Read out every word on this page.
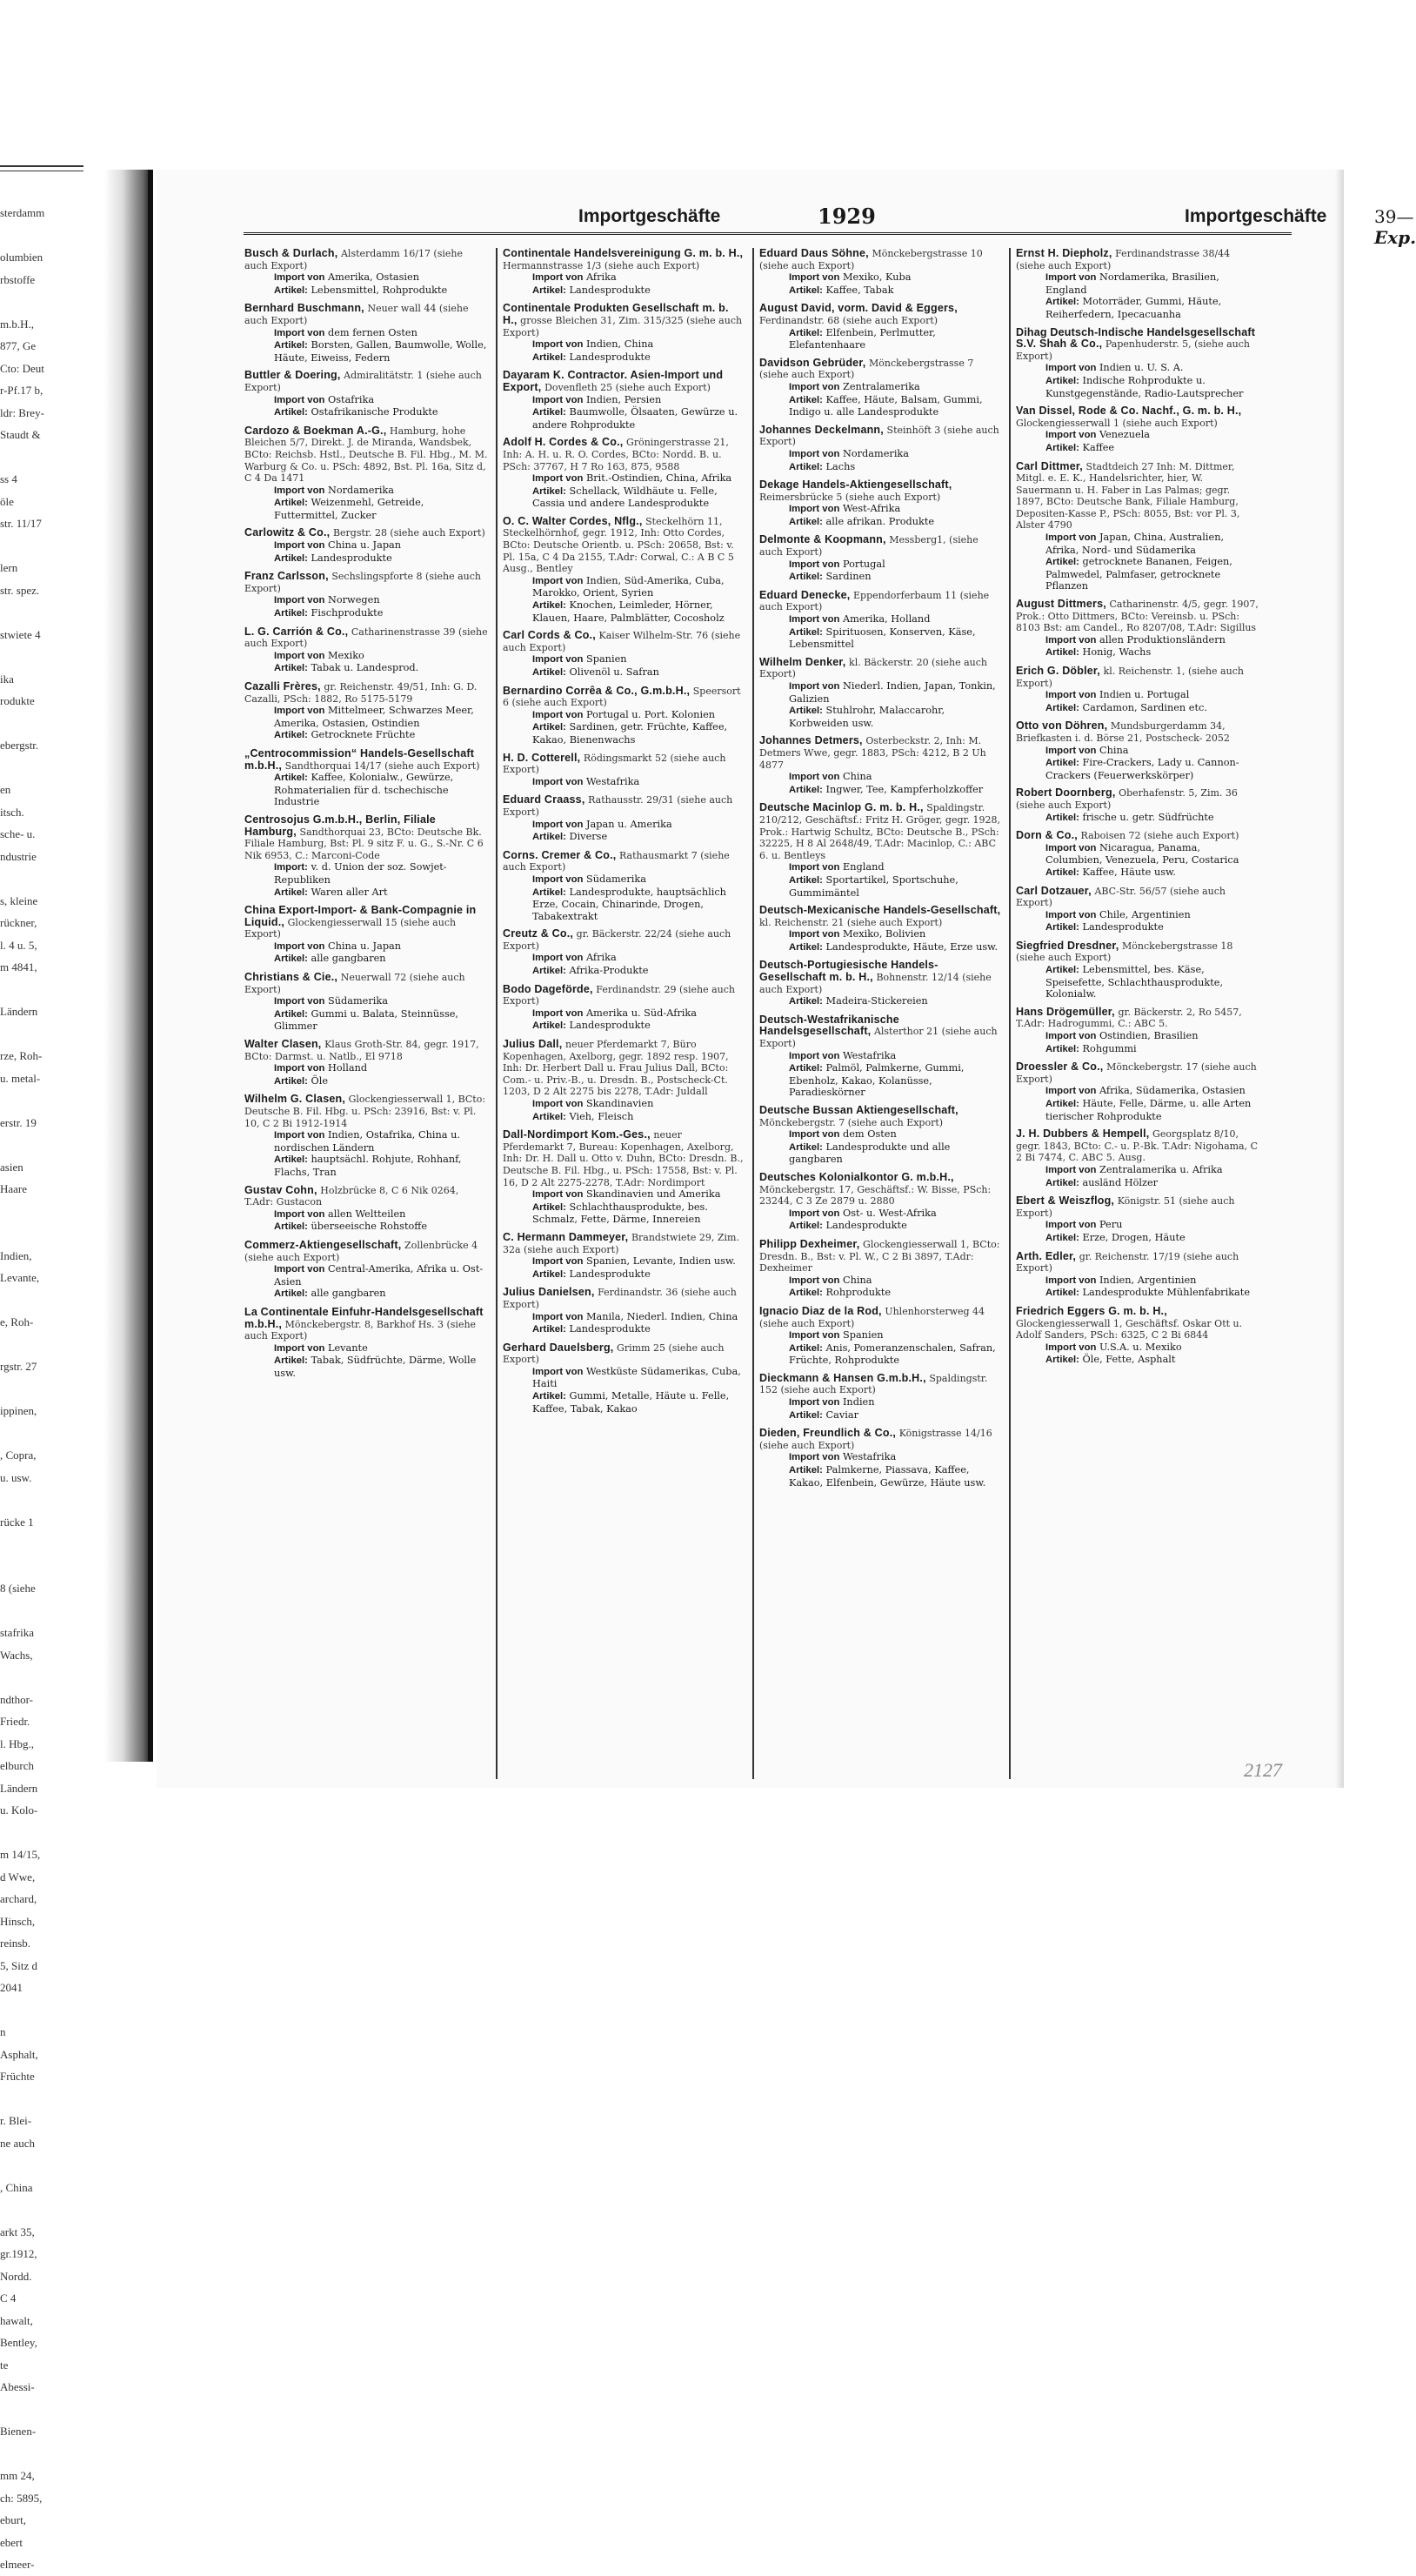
sterdamm
olumbien
rbstoffe
m.b.H.,
877, Ge
Cto: Deut
r-Pf.17 b,
ldr: Brey-
Staudt &
ss 4
öle
str. 11/17
lern
str. spez.
stwiete 4
ika
rodukte
ebergstr.
en
itsch.
sche- u.
ndustrie
s, kleine
rückner,
l. 4 u. 5,
m 4841,
Ländern
rze, Roh-
u. metal-
erstr. 19
asien
Haare
Indien,
Levante,
e, Roh-
rgstr. 27
ippinen,
, Copra,
u. usw.
rücke 1
8 (siehe
stafrika
Wachs,
ndthor-
Friedr.
l. Hbg.,
elburch
Ländern
u. Kolo-
m 14/15,
d Wwe,
archard,
Hinsch,
reinsb.
5, Sitz d
2041
n
Asphalt,
Früchte
r. Blei-
ne auch
, China
arkt 35,
gr.1912,
Nordd.
C 4
hawalt,
Bentley,
te
Abessi-
Bienen-
mm 24,
ch: 5895,
eburt,
ebert
elmeer-
Importgeschäfte	1929	Importgeschäfte	39—Exp.
Busch & Durlach, Alsterdamm 16/17 (siehe auch Export)
Import von Amerika, Ostasien
Artikel: Lebensmittel, Rohprodukte
Bernhard Buschmann, Neuer wall 44 (siehe auch Export)
Import von dem fernen Osten
Artikel: Borsten, Gallen, Baumwolle, Wolle, Häute, Eiweiss, Federn
Buttler & Doering, Admiralitätstr. 1 (siehe auch Export)
Import von Ostafrika
Artikel: Ostafrikanische Produkte
Cardozo & Boekman A.-G., Hamburg, hohe Bleichen 5/7, Direkt. J. de Miranda, Wandsbek, BCto: Reichsb. Hstl., Deutsche B. Fil. Hbg., M. M. Warburg & Co. u. PSch: 4892, Bst. Pl. 16a, Sitz d, C 4 Da 1471
Import von Nordamerika
Artikel: Weizenmehl, Getreide, Futtermittel, Zucker
Carlowitz & Co., Bergstr. 28 (siehe auch Export)
Import von China u. Japan
Artikel: Landesprodukte
Franz Carlsson, Sechslingspforte 8 (siehe auch Export)
Import von Norwegen
Artikel: Fischprodukte
L. G. Carrión & Co., Catharinenstrasse 39 (siehe auch Export)
Import von Mexiko
Artikel: Tabak u. Landesprod.
Cazalli Frères, gr. Reichenstr. 49/51, Inh: G. D. Cazalli, PSch: 1882, Ro 5175-5179
Import von Mittelmeer, Schwarzes Meer, Amerika, Ostasien, Ostindien
Artikel: Getrocknete Früchte
„Centrocommission“ Handels-Gesellschaft m.b.H., Sandthorquai 14/17 (siehe auch Export)
Artikel: Kaffee, Kolonialw., Gewürze, Rohmaterialien für d. tschechische Industrie
Centrosojus G.m.b.H., Berlin, Filiale Hamburg, Sandthorquai 23, BCto: Deutsche Bk. Filiale Hamburg, Bst: Pl. 9 sitz F. u. G., S.-Nr. C 6 Nik 6953, C.: Marconi-Code
Import: v. d. Union der soz. Sowjet-Republiken
Artikel: Waren aller Art
China Export-Import- & Bank-Compagnie in Liquid., Glockengiesserwall 15 (siehe auch Export)
Import von China u. Japan
Artikel: alle gangbaren
Christians & Cie., Neuerwall 72 (siehe auch Export)
Import von Südamerika
Artikel: Gummi u. Balata, Steinnüsse, Glimmer
Walter Clasen, Klaus Groth-Str. 84, gegr. 1917, BCto: Darmst. u. Natlb., El 9718
Import von Holland
Artikel: Öle
Wilhelm G. Clasen, Glockengiesserwall 1, BCto: Deutsche B. Fil. Hbg. u. PSch: 23916, Bst: v. Pl. 10, C 2 Bi 1912-1914
Import von Indien, Ostafrika, China u. nordischen Ländern
Artikel: hauptsächl. Rohjute, Rohhanf, Flachs, Tran
Gustav Cohn, Holzbrücke 8, C 6 Nik 0264, T.Adr: Gustacon
Import von allen Weltteilen
Artikel: überseeische Rohstoffe
Commerz-Aktiengesellschaft, Zollenbrücke 4 (siehe auch Export)
Import von Central-Amerika, Afrika u. Ost-Asien
Artikel: alle gangbaren
La Continentale Einfuhr-Handelsgesellschaft m.b.H., Mönckebergstr. 8, Barkhof Hs. 3 (siehe auch Export)
Import von Levante
Artikel: Tabak, Südfrüchte, Därme, Wolle usw.
Continentale Handelsvereinigung G. m. b. H., Hermannstrasse 1/3 (siehe auch Export)
Import von Afrika
Artikel: Landesprodukte
Continentale Produkten Gesellschaft m. b. H., grosse Bleichen 31, Zim. 315/325 (siehe auch Export)
Import von Indien, China
Artikel: Landesprodukte
Dayaram K. Contractor. Asien-Import und Export, Dovenfleth 25 (siehe auch Export)
Import von Indien, Persien
Artikel: Baumwolle, Ölsaaten, Gewürze u. andere Rohprodukte
Adolf H. Cordes & Co., Gröningerstrasse 21, Inh: A. H. u. R. O. Cordes, BCto: Nordd. B. u. PSch: 37767, H 7 Ro 163, 875, 9588
Import von Brit.-Ostindien, China, Afrika
Artikel: Schellack, Wildhäute u. Felle, Cassia und andere Landesprodukte
O. C. Walter Cordes, Nflg., Steckelhörn 11, Steckelhörnhof, gegr. 1912, Inh: Otto Cordes, BCto: Deutsche Orientb. u. PSch: 20658, Bst: v. Pl. 15a, C 4 Da 2155, T.Adr: Corwal, C.: A B C 5 Ausg., Bentley
Import von Indien, Süd-Amerika, Cuba, Marokko, Orient, Syrien
Artikel: Knochen, Leimleder, Hörner, Klauen, Haare, Palmblätter, Cocosholz
Carl Cords & Co., Kaiser Wilhelm-Str. 76 (siehe auch Export)
Import von Spanien
Artikel: Olivenöl u. Safran
Bernardino Corrêa & Co., G.m.b.H., Speersort 6 (siehe auch Export)
Import von Portugal u. Port. Kolonien
Artikel: Sardinen, getr. Früchte, Kaffee, Kakao, Bienenwachs
H. D. Cotterell, Rödingsmarkt 52 (siehe auch Export)
Import von Westafrika
Eduard Craass, Rathausstr. 29/31 (siehe auch Export)
Import von Japan u. Amerika
Artikel: Diverse
Corns. Cremer & Co., Rathausmarkt 7 (siehe auch Export)
Import von Südamerika
Artikel: Landesprodukte, hauptsächlich Erze, Cocain, Chinarinde, Drogen, Tabakextrakt
Creutz & Co., gr. Bäckerstr. 22/24 (siehe auch Export)
Import von Afrika
Artikel: Afrika-Produkte
Bodo Dageförde, Ferdinandstr. 29 (siehe auch Export)
Import von Amerika u. Süd-Afrika
Artikel: Landesprodukte
Julius Dall, neuer Pferdemarkt 7, Büro Kopenhagen, Axelborg, gegr. 1892 resp. 1907, Inh: Dr. Herbert Dall u. Frau Julius Dall, BCto: Com.- u. Priv.-B., u. Dresdn. B., Postscheck-Ct. 1203, D 2 Alt 2275 bis 2278, T.Adr: Juldall
Import von Skandinavien
Artikel: Vieh, Fleisch
Dall-Nordimport Kom.-Ges., neuer Pferdemarkt 7, Bureau: Kopenhagen, Axelborg, Inh: Dr. H. Dall u. Otto v. Duhn, BCto: Dresdn. B., Deutsche B. Fil. Hbg., u. PSch: 17558, Bst: v. Pl. 16, D 2 Alt 2275-2278, T.Adr: Nordimport
Import von Skandinavien und Amerika
Artikel: Schlachthausprodukte, bes. Schmalz, Fette, Därme, Innereien
C. Hermann Dammeyer, Brandstwiete 29, Zim. 32a (siehe auch Export)
Import von Spanien, Levante, Indien usw.
Artikel: Landesprodukte
Julius Danielsen, Ferdinandstr. 36 (siehe auch Export)
Import von Manila, Niederl. Indien, China
Artikel: Landesprodukte
Gerhard Dauelsberg, Grimm 25 (siehe auch Export)
Import von Westküste Südamerikas, Cuba, Haiti
Artikel: Gummi, Metalle, Häute u. Felle, Kaffee, Tabak, Kakao
Eduard Daus Söhne, Mönckebergstrasse 10 (siehe auch Export)
Import von Mexiko, Kuba
Artikel: Kaffee, Tabak
August David, vorm. David & Eggers, Ferdinandstr. 68 (siehe auch Export)
Artikel: Elfenbein, Perlmutter, Elefantenhaare
Davidson Gebrüder, Mönckebergstrasse 7 (siehe auch Export)
Import von Zentralamerika
Artikel: Kaffee, Häute, Balsam, Gummi, Indigo u. alle Landesprodukte
Johannes Deckelmann, Steinhöft 3 (siehe auch Export)
Import von Nordamerika
Artikel: Lachs
Dekage Handels-Aktiengesellschaft, Reimersbrücke 5 (siehe auch Export)
Import von West-Afrika
Artikel: alle afrikan. Produkte
Delmonte & Koopmann, Messberg1, (siehe auch Export)
Import von Portugal
Artikel: Sardinen
Eduard Denecke, Eppendorferbaum 11 (siehe auch Export)
Import von Amerika, Holland
Artikel: Spirituosen, Konserven, Käse, Lebensmittel
Wilhelm Denker, kl. Bäckerstr. 20 (siehe auch Export)
Import von Niederl. Indien, Japan, Tonkin, Galizien
Artikel: Stuhlrohr, Malaccarohr, Korbweiden usw.
Johannes Detmers, Osterbeckstr. 2, Inh: M. Detmers Wwe, gegr. 1883, PSch: 4212, B 2 Uh 4877
Import von China
Artikel: Ingwer, Tee, Kampferholzkoffer
Deutsche Macinlop G. m. b. H., Spaldingstr. 210/212, Geschäftsf.: Fritz H. Gröger, gegr. 1928, Prok.: Hartwig Schultz, BCto: Deutsche B., PSch: 32225, H 8 Al 2648/49, T.Adr: Macinlop, C.: ABC 6. u. Bentleys
Import von England
Artikel: Sportartikel, Sportschuhe, Gummimäntel
Deutsch-Mexicanische Handels-Gesellschaft, kl. Reichenstr. 21 (siehe auch Export)
Import von Mexiko, Bolivien
Artikel: Landesprodukte, Häute, Erze usw.
Deutsch-Portugiesische Handels-Gesellschaft m. b. H., Bohnenstr. 12/14 (siehe auch Export)
Artikel: Madeira-Stickereien
Deutsch-Westafrikanische Handelsgesellschaft, Alsterthor 21 (siehe auch Export)
Import von Westafrika
Artikel: Palmöl, Palmkerne, Gummi, Ebenholz, Kakao, Kolanüsse, Paradieskörner
Deutsche Bussan Aktiengesellschaft, Mönckebergstr. 7 (siehe auch Export)
Import von dem Osten
Artikel: Landesprodukte und alle gangbaren
Deutsches Kolonialkontor G. m.b.H., Mönckebergstr. 17, Geschäftsf.: W. Bisse, PSch: 23244, C 3 Ze 2879 u. 2880
Import von Ost- u. West-Afrika
Artikel: Landesprodukte
Philipp Dexheimer, Glockengiesserwall 1, BCto: Dresdn. B., Bst: v. Pl. W., C 2 Bi 3897, T.Adr: Dexheimer
Import von China
Artikel: Rohprodukte
Ignacio Diaz de la Rod, Uhlenhorsterweg 44 (siehe auch Export)
Import von Spanien
Artikel: Anis, Pomeranzenschalen, Safran, Früchte, Rohprodukte
Dieckmann & Hansen G.m.b.H., Spaldingstr. 152 (siehe auch Export)
Import von Indien
Artikel: Caviar
Dieden, Freundlich & Co., Königstrasse 14/16 (siehe auch Export)
Import von Westafrika
Artikel: Palmkerne, Piassava, Kaffee, Kakao, Elfenbein, Gewürze, Häute usw.
Ernst H. Diepholz, Ferdinandstrasse 38/44 (siehe auch Export)
Import von Nordamerika, Brasilien, England
Artikel: Motorräder, Gummi, Häute, Reiherfedern, Ipecacuanha
Dihag Deutsch-Indische Handelsgesellschaft S.V. Shah & Co., Papenhuderstr. 5, (siehe auch Export)
Import von Indien u. U. S. A.
Artikel: Indische Rohprodukte u. Kunstgegenstände, Radio-Lautsprecher
Van Dissel, Rode & Co. Nachf., G. m. b. H., Glockengiesserwall 1 (siehe auch Export)
Import von Venezuela
Artikel: Kaffee
Carl Dittmer, Stadtdeich 27 Inh: M. Dittmer, Mitgl. e. E. K., Handelsrichter, hier, W. Sauermann u. H. Faber in Las Palmas; gegr. 1897, BCto: Deutsche Bank, Filiale Hamburg, Depositen-Kasse P., PSch: 8055, Bst: vor Pl. 3, Alster 4790
Import von Japan, China, Australien, Afrika, Nord- und Südamerika
Artikel: getrocknete Bananen, Feigen, Palmwedel, Palmfaser, getrocknete Pflanzen
August Dittmers, Catharinenstr. 4/5, gegr. 1907, Prok.: Otto Dittmers, BCto: Vereinsb. u. PSch: 8103 Bst: am Candel., Ro 8207/08, T.Adr: Sigillus
Import von allen Produktionsländern
Artikel: Honig, Wachs
Erich G. Döbler, kl. Reichenstr. 1, (siehe auch Export)
Import von Indien u. Portugal
Artikel: Cardamon, Sardinen etc.
Otto von Döhren, Mundsburgerdamm 34, Briefkasten i. d. Börse 21, Postscheck- 2052
Import von China
Artikel: Fire-Crackers, Lady u. Cannon-Crackers (Feuerwerkskörper)
Robert Doornberg, Oberhafenstr. 5, Zim. 36 (siehe auch Export)
Artikel: frische u. getr. Südfrüchte
Dorn & Co., Raboisen 72 (siehe auch Export)
Import von Nicaragua, Panama, Columbien, Venezuela, Peru, Costarica
Artikel: Kaffee, Häute usw.
Carl Dotzauer, ABC-Str. 56/57 (siehe auch Export)
Import von Chile, Argentinien
Artikel: Landesprodukte
Siegfried Dresdner, Mönckebergstrasse 18 (siehe auch Export)
Artikel: Lebensmittel, bes. Käse, Speisefette, Schlachthausprodukte, Kolonialw.
Hans Drögemüller, gr. Bäckerstr. 2, Ro 5457, T.Adr: Hadrogummi, C.: ABC 5.
Import von Ostindien, Brasilien
Artikel: Rohgummi
Droessler & Co., Mönckebergstr. 17 (siehe auch Export)
Import von Afrika, Südamerika, Ostasien
Artikel: Häute, Felle, Därme, u. alle Arten tierischer Rohprodukte
J. H. Dubbers & Hempell, Georgsplatz 8/10, gegr. 1843, BCto: C.- u. P.-Bk. T.Adr: Nigohama, C 2 Bi 7474, C. ABC 5. Ausg.
Import von Zentralamerika u. Afrika
Artikel: ausländ Hölzer
Ebert & Weiszflog, Königstr. 51 (siehe auch Export)
Import von Peru
Artikel: Erze, Drogen, Häute
Arth. Edler, gr. Reichenstr. 17/19 (siehe auch Export)
Import von Indien, Argentinien
Artikel: Landesprodukte Mühlenfabrikate
Friedrich Eggers G. m. b. H., Glockengiesserwall 1, Geschäftsf. Oskar Ott u. Adolf Sanders, PSch: 6325, C 2 Bi 6844
Import von U.S.A. u. Mexiko
Artikel: Öle, Fette, Asphalt
2127
